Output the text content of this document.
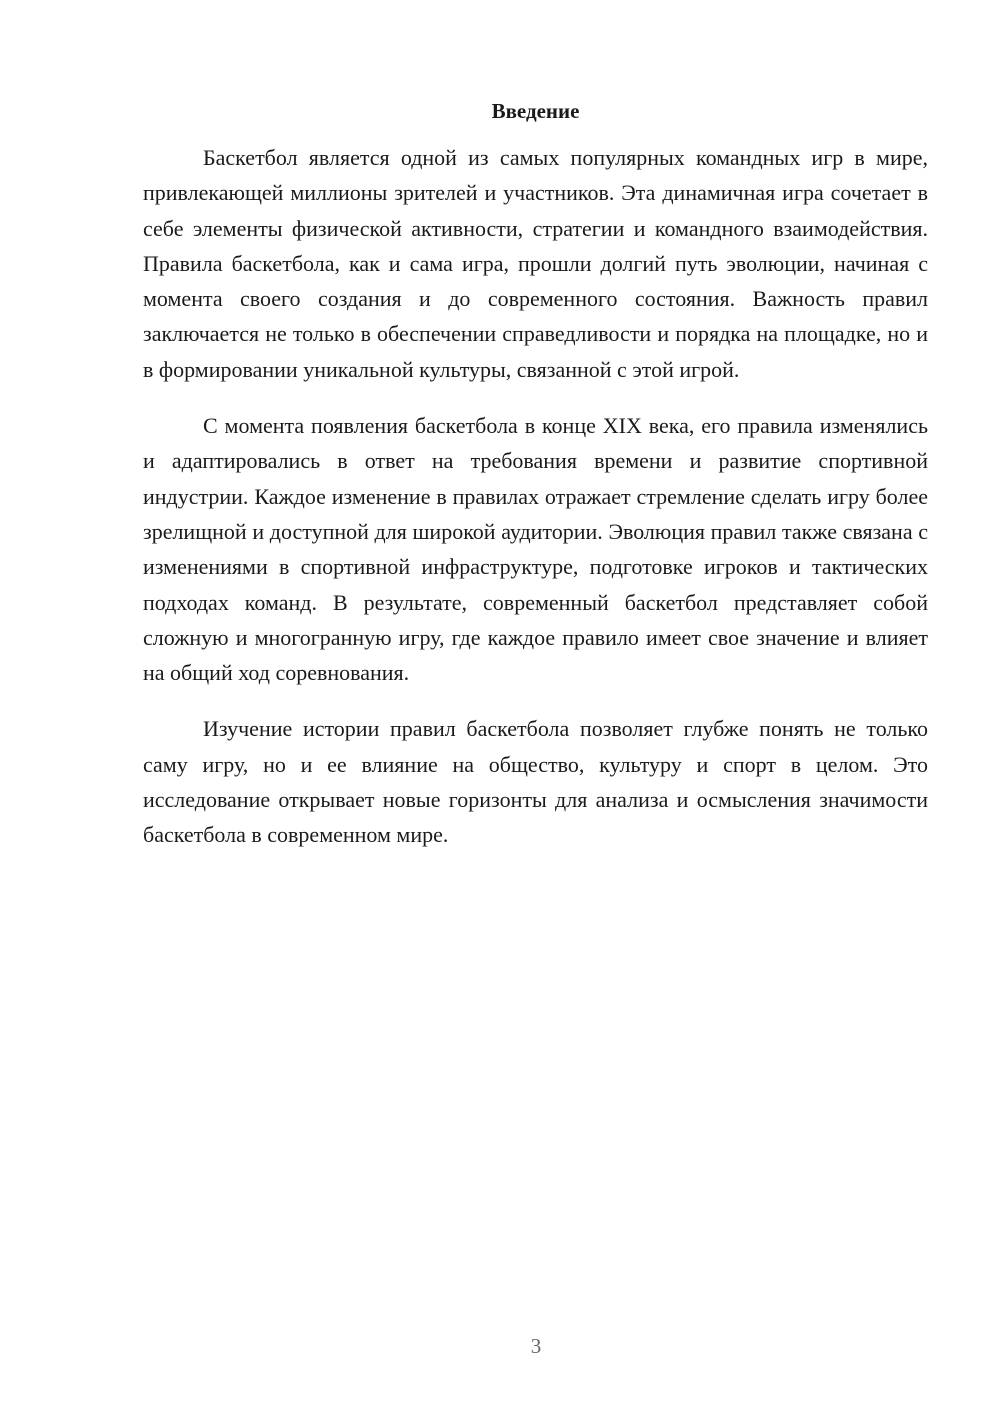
Введение

Баскетбол является одной из самых популярных командных игр в мире, привлекающей миллионы зрителей и участников. Эта динамичная игра сочетает в себе элементы физической активности, стратегии и командного взаимодействия. Правила баскетбола, как и сама игра, прошли долгий путь эволюции, начиная с момента своего создания и до современного состояния. Важность правил заключается не только в обеспечении справедливости и порядка на площадке, но и в формировании уникальной культуры, связанной с этой игрой.

С момента появления баскетбола в конце XIX века, его правила изменялись и адаптировались в ответ на требования времени и развитие спортивной индустрии. Каждое изменение в правилах отражает стремление сделать игру более зрелищной и доступной для широкой аудитории. Эволюция правил также связана с изменениями в спортивной инфраструктуре, подготовке игроков и тактических подходах команд. В результате, современный баскетбол представляет собой сложную и многогранную игру, где каждое правило имеет свое значение и влияет на общий ход соревнования.

Изучение истории правил баскетбола позволяет глубже понять не только саму игру, но и ее влияние на общество, культуру и спорт в целом. Это исследование открывает новые горизонты для анализа и осмысления значимости баскетбола в современном мире.

3
